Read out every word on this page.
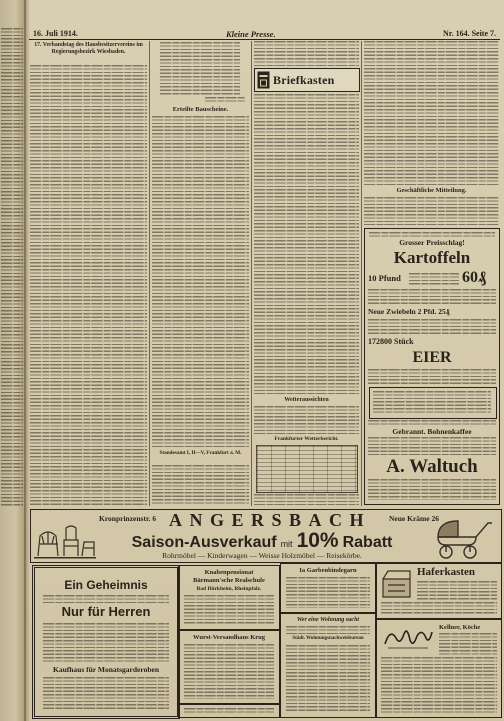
16. Juli 1914.	Kleine Presse.	Nr. 164. Seite 7.
17. Verbandstag des Hausbesitzervereins im Regierungsbezirk Wiesbaden.
Erteilte Bauscheine.
Standesamt I, II—V, Frankfurt a. M.
Briefkasten
Wetteraussichten
Frankfurter Wetterbericht.
Geschäftliche Mitteilung.
Grosser Preisschlag!
Kartoffeln
10 Pfund	60₰
Neue Zwiebeln 2 Pfd. 25₰
172800 Stück
EIER
Gebrannt. Bohnenkaffee
A. Waltuch
Kronprinzenstr. 6 ANGERSBACH Neue Kräme 26
Saison-Ausverkauf mit 10% Rabatt
Rohrmöbel — Kinderwagen — Weisse Holzmöbel — Reisekörbe.
Ein Geheimnis
Nur für Herren
Kaufhaus für Monatsgarderoben
Knabenpensionat
Bärmann'sche Realschule
Bad Dürkheim, Rheinpfalz.
Wurst-Versandhaus Krug
Ia Garbenbindegarn
Wer eine Wohnung sucht
Städt. Wohnungsnachweisbureau
Haferkasten
Kellner, Köche
